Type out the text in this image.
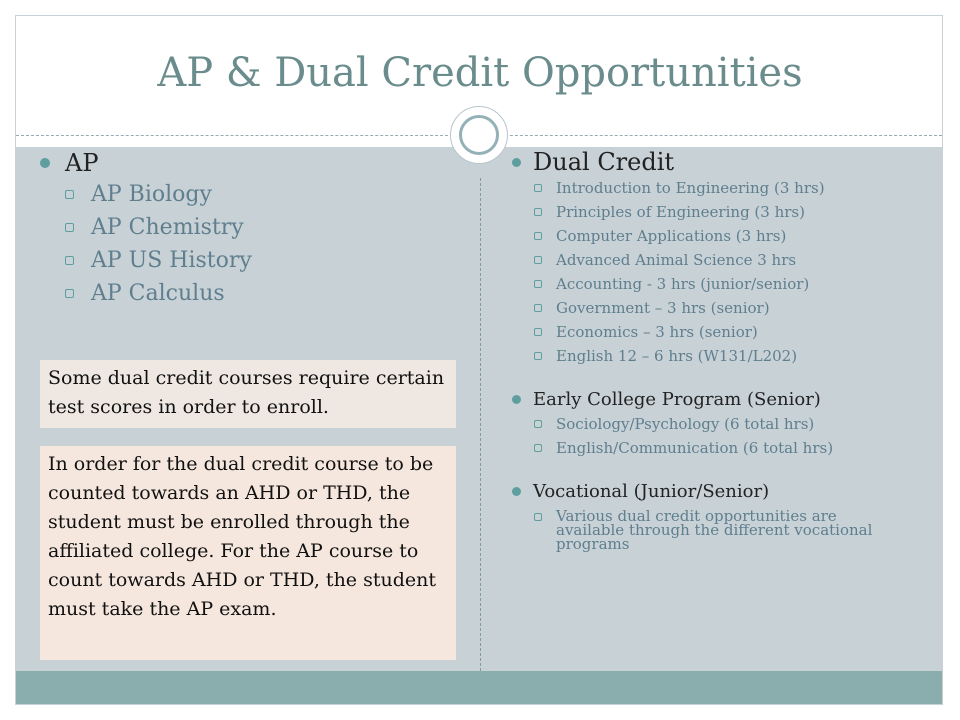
AP & Dual Credit Opportunities
AP
AP Biology
AP Chemistry
AP US History
AP Calculus
Some dual credit courses require certain test scores in order to enroll.
In order for the dual credit course to be counted towards an AHD or THD, the student must be enrolled through the affiliated college. For the AP course to count towards AHD or THD, the student must take the AP exam.
Dual Credit
Introduction to Engineering (3 hrs)
Principles of Engineering (3 hrs)
Computer Applications (3 hrs)
Advanced Animal Science 3 hrs
Accounting - 3 hrs (junior/senior)
Government – 3 hrs (senior)
Economics – 3 hrs (senior)
English 12 – 6 hrs (W131/L202)
Early College Program (Senior)
Sociology/Psychology (6 total hrs)
English/Communication (6 total hrs)
Vocational (Junior/Senior)
Various dual credit opportunities are available through the different vocational programs
